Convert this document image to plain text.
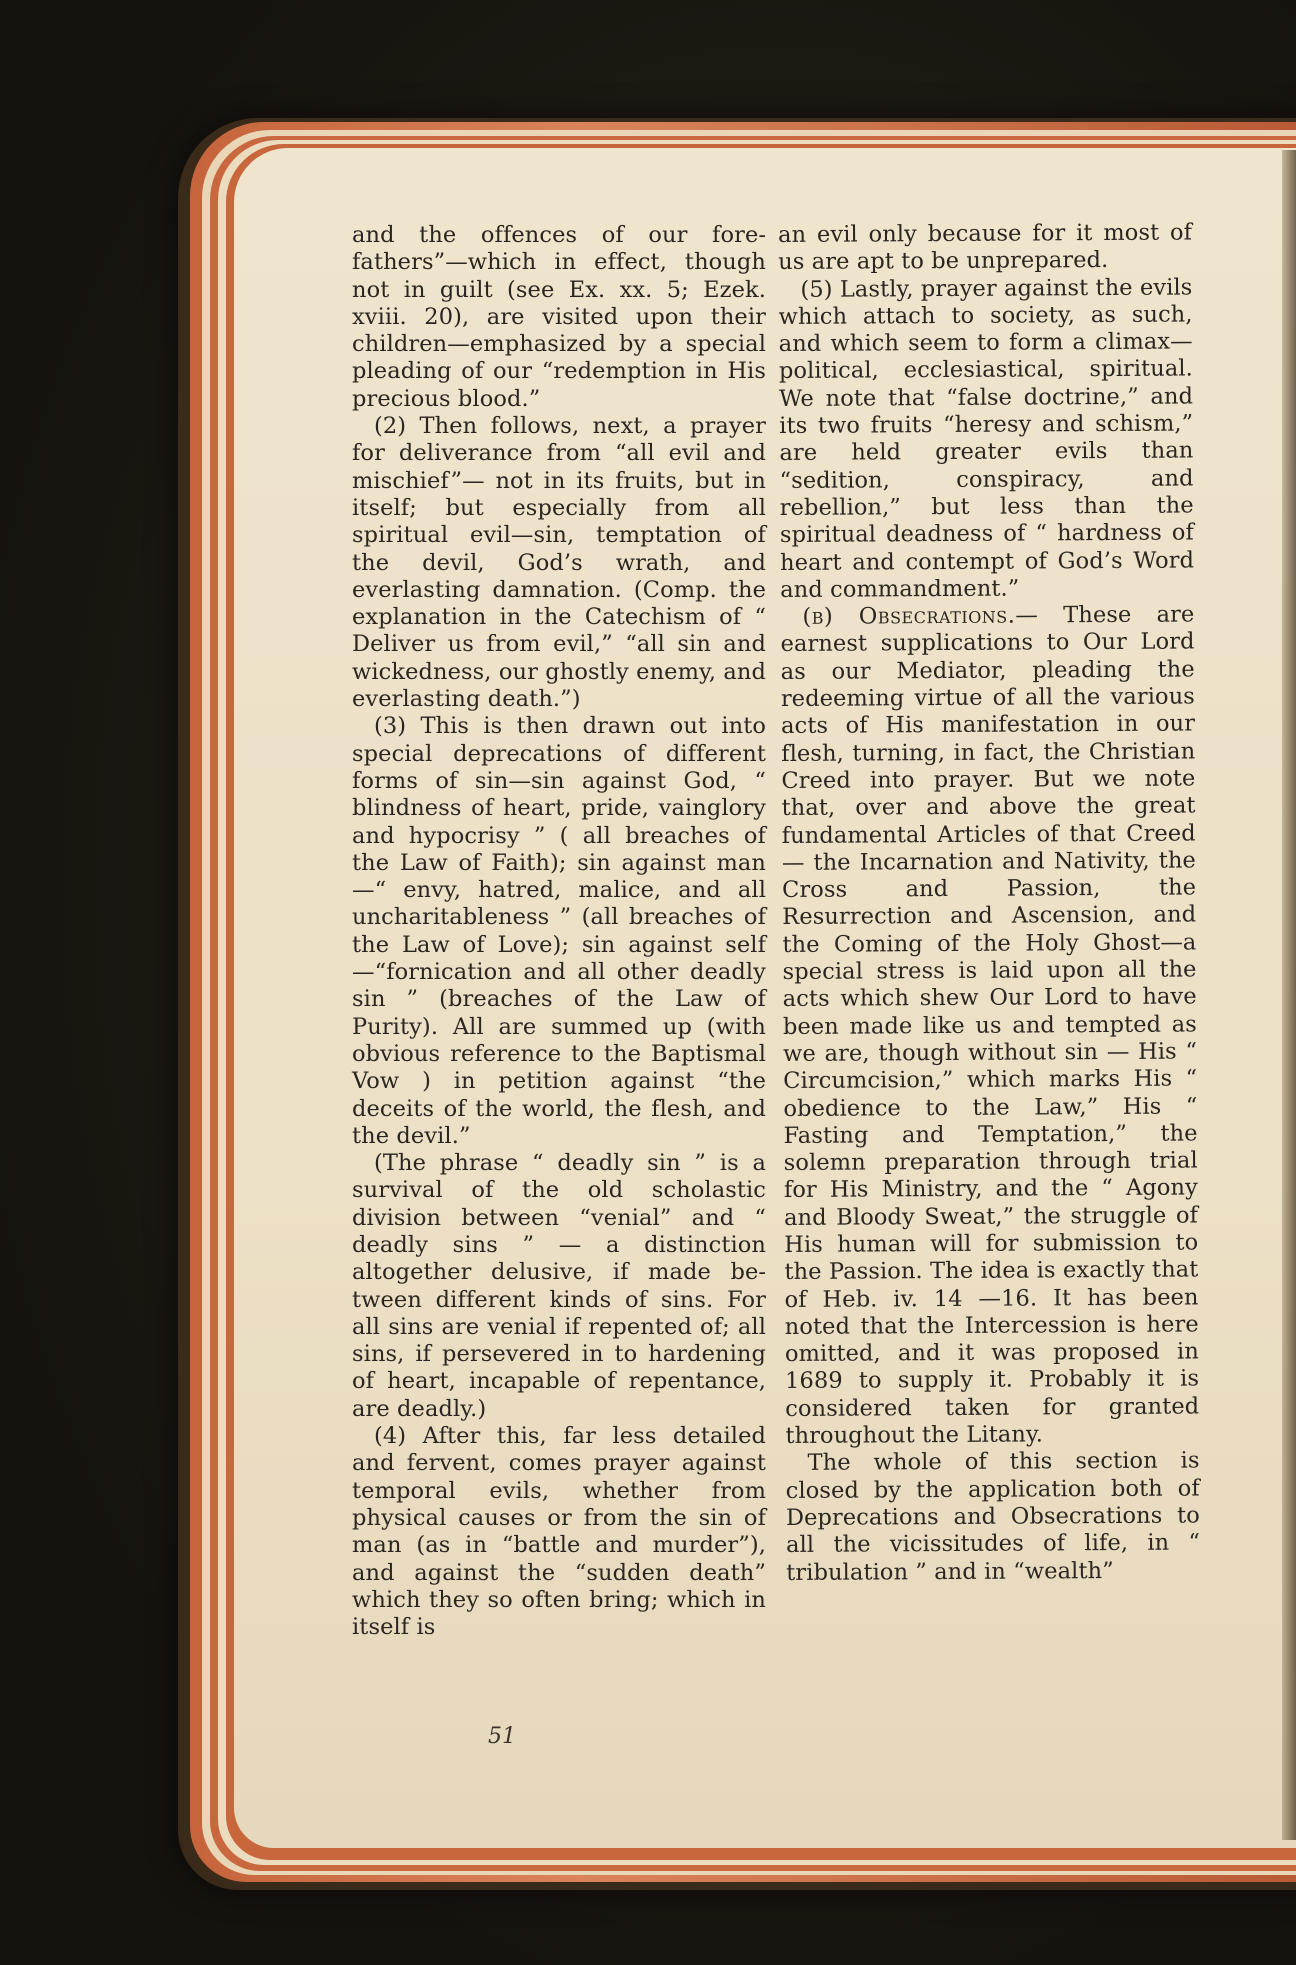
and the offences of our forefathers”—which in effect, though not in guilt (see Ex. xx. 5; Ezek. xviii. 20), are visited upon their children—emphasized by a special pleading of our “redemption in His precious blood.”

(2) Then follows, next, a prayer for deliverance from “all evil and mischief”— not in its fruits, but in itself; but especially from all spiritual evil—sin, temptation of the devil, God’s wrath, and everlasting damnation. (Comp. the explanation in the Catechism of “ Deliver us from evil,” “all sin and wickedness, our ghostly enemy, and everlasting death.”)

(3) This is then drawn out into special deprecations of different forms of sin—sin against God, “ blindness of heart, pride, vainglory and hypocrisy ” ( all breaches of the Law of Faith); sin against man—“ envy, hatred, malice, and all uncharitableness ” (all breaches of the Law of Love); sin against self—“fornication and all other deadly sin ” (breaches of the Law of Purity). All are summed up (with obvious reference to the Baptismal Vow ) in petition against “the deceits of the world, the flesh, and the devil.”

(The phrase “ deadly sin ” is a survival of the old scholastic division between “venial” and “ deadly sins ” — a distinction altogether delusive, if made between different kinds of sins. For all sins are venial if repented of; all sins, if persevered in to hardening of heart, incapable of repentance, are deadly.)

(4) After this, far less detailed and fervent, comes prayer against temporal evils, whether from physical causes or from the sin of man (as in “battle and murder”), and against the “sudden death” which they so often bring; which in itself is

an evil only because for it most of us are apt to be unprepared.

(5) Lastly, prayer against the evils which attach to society, as such, and which seem to form a climax— political, ecclesiastical, spiritual. We note that “false doctrine,” and its two fruits “heresy and schism,” are held greater evils than “sedition, conspiracy, and rebellion,” but less than the spiritual deadness of “ hardness of heart and contempt of God’s Word and commandment.”

(b) Obsecrations.— These are earnest supplications to Our Lord as our Mediator, pleading the redeeming virtue of all the various acts of His manifestation in our flesh, turning, in fact, the Christian Creed into prayer. But we note that, over and above the great fundamental Articles of that Creed— the Incarnation and Nativity, the Cross and Passion, the Resurrection and Ascension, and the Coming of the Holy Ghost—a special stress is laid upon all the acts which shew Our Lord to have been made like us and tempted as we are, though without sin — His “ Circumcision,” which marks His “ obedience to the Law,” His “ Fasting and Temptation,” the solemn preparation through trial for His Ministry, and the “ Agony and Bloody Sweat,” the struggle of His human will for submission to the Passion. The idea is exactly that of Heb. iv. 14 —16. It has been noted that the Intercession is here omitted, and it was proposed in 1689 to supply it. Probably it is considered taken for granted throughout the Litany.

The whole of this section is closed by the application both of Deprecations and Obsecrations to all the vicissitudes of life, in “ tribulation ” and in “wealth”

51
